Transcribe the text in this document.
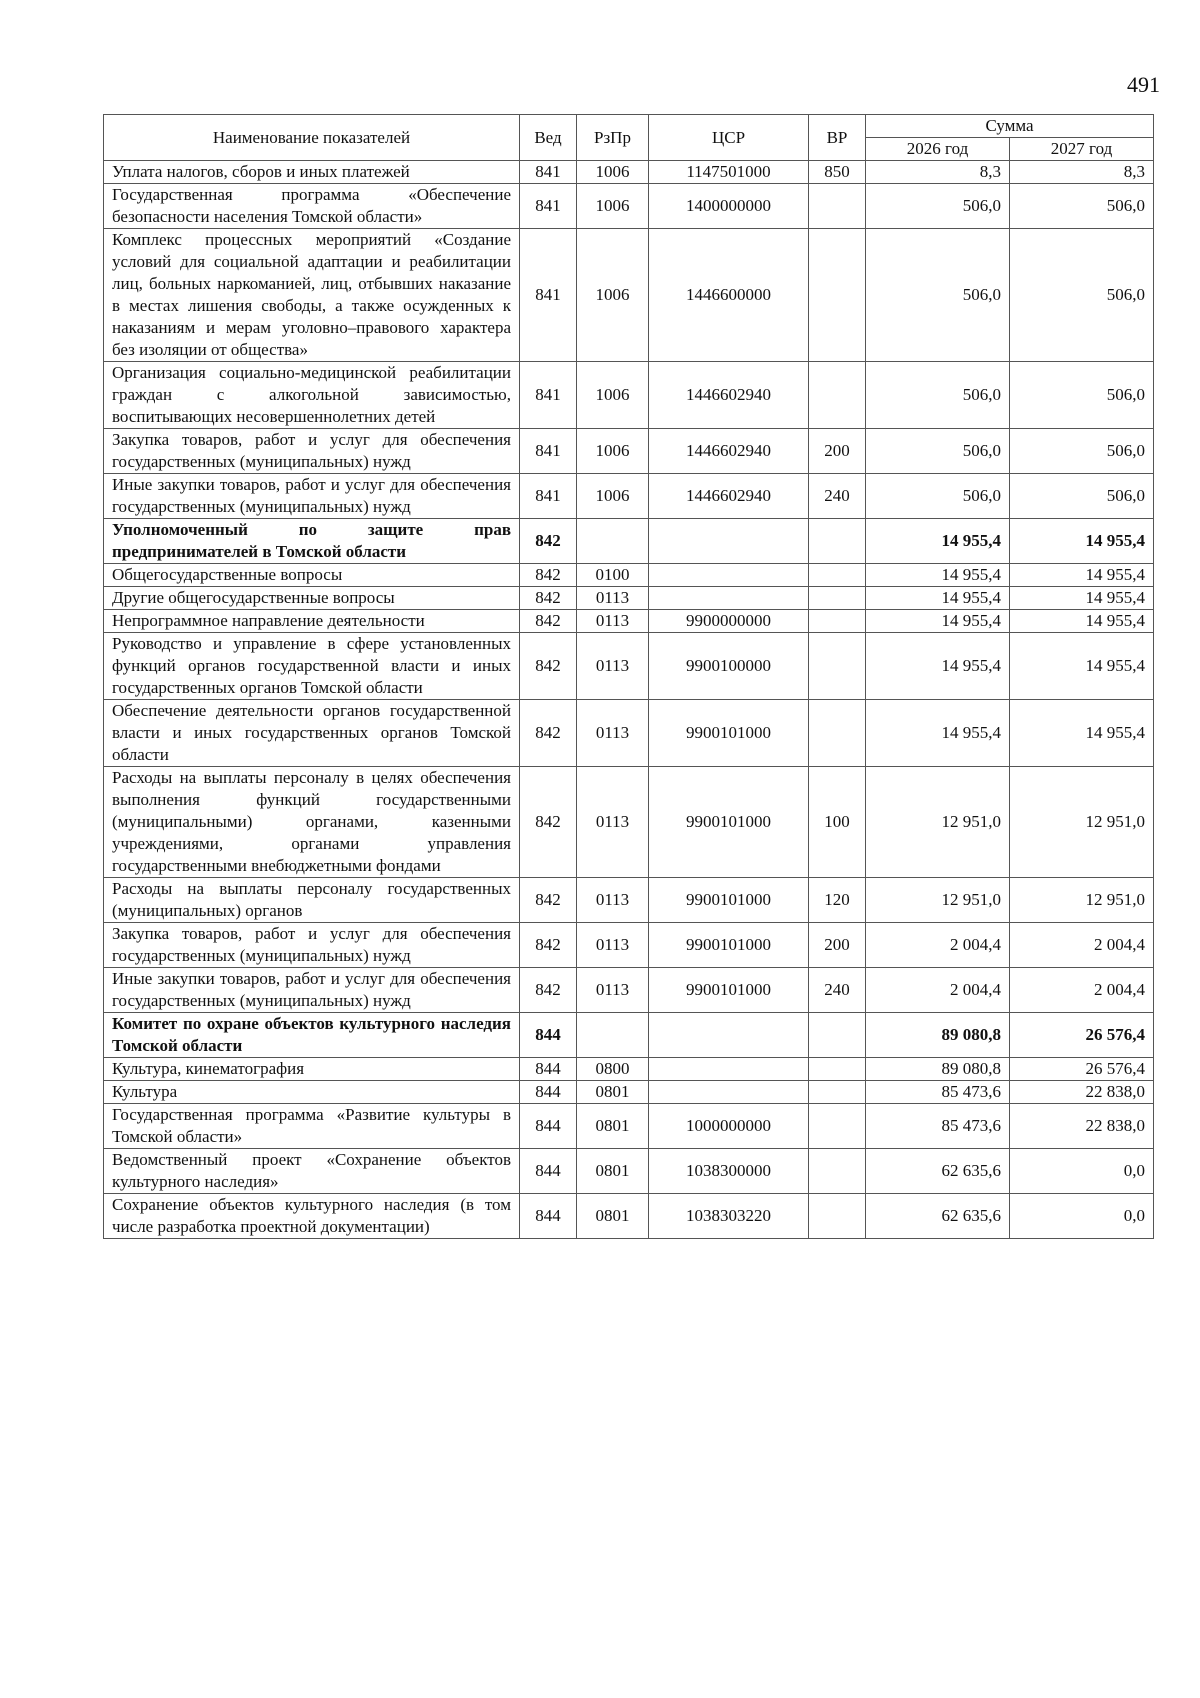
491
Наименование показателей	Вед	РзПр	ЦСР	ВР	Сумма	
					2026 год	2027 год
Уплата налогов, сборов и иных платежей	841	1006	1147501000	850	8,3	8,3
Государственная программа «Обеспечение безопасности населения Томской области»	841	1006	1400000000		506,0	506,0
Комплекс процессных мероприятий «Создание условий для социальной адаптации и реабилитации лиц, больных наркоманией, лиц, отбывших наказание в местах лишения свободы, а также осужденных к наказаниям и мерам уголовно–правового характера без изоляции от общества»	841	1006	1446600000		506,0	506,0
Организация социально-медицинской реабилитации граждан с алкогольной зависимостью, воспитывающих несовершеннолетних детей	841	1006	1446602940		506,0	506,0
Закупка товаров, работ и услуг для обеспечения государственных (муниципальных) нужд	841	1006	1446602940	200	506,0	506,0
Иные закупки товаров, работ и услуг для обеспечения государственных (муниципальных) нужд	841	1006	1446602940	240	506,0	506,0
Уполномоченный по защите прав предпринимателей в Томской области	842				14 955,4	14 955,4
Общегосударственные вопросы	842	0100			14 955,4	14 955,4
Другие общегосударственные вопросы	842	0113			14 955,4	14 955,4
Непрограммное направление деятельности	842	0113	9900000000		14 955,4	14 955,4
Руководство и управление в сфере установленных функций органов государственной власти и иных государственных органов Томской области	842	0113	9900100000		14 955,4	14 955,4
Обеспечение деятельности органов государственной власти и иных государственных органов Томской области	842	0113	9900101000		14 955,4	14 955,4
Расходы на выплаты персоналу в целях обеспечения выполнения функций государственными (муниципальными) органами, казенными учреждениями, органами управления государственными внебюджетными фондами	842	0113	9900101000	100	12 951,0	12 951,0
Расходы на выплаты персоналу государственных (муниципальных) органов	842	0113	9900101000	120	12 951,0	12 951,0
Закупка товаров, работ и услуг для обеспечения государственных (муниципальных) нужд	842	0113	9900101000	200	2 004,4	2 004,4
Иные закупки товаров, работ и услуг для обеспечения государственных (муниципальных) нужд	842	0113	9900101000	240	2 004,4	2 004,4
Комитет по охране объектов культурного наследия Томской области	844				89 080,8	26 576,4
Культура, кинематография	844	0800			89 080,8	26 576,4
Культура	844	0801			85 473,6	22 838,0
Государственная программа «Развитие культуры в Томской области»	844	0801	1000000000		85 473,6	22 838,0
Ведомственный проект «Сохранение объектов культурного наследия»	844	0801	1038300000		62 635,6	0,0
Сохранение объектов культурного наследия (в том числе разработка проектной документации)	844	0801	1038303220		62 635,6	0,0
